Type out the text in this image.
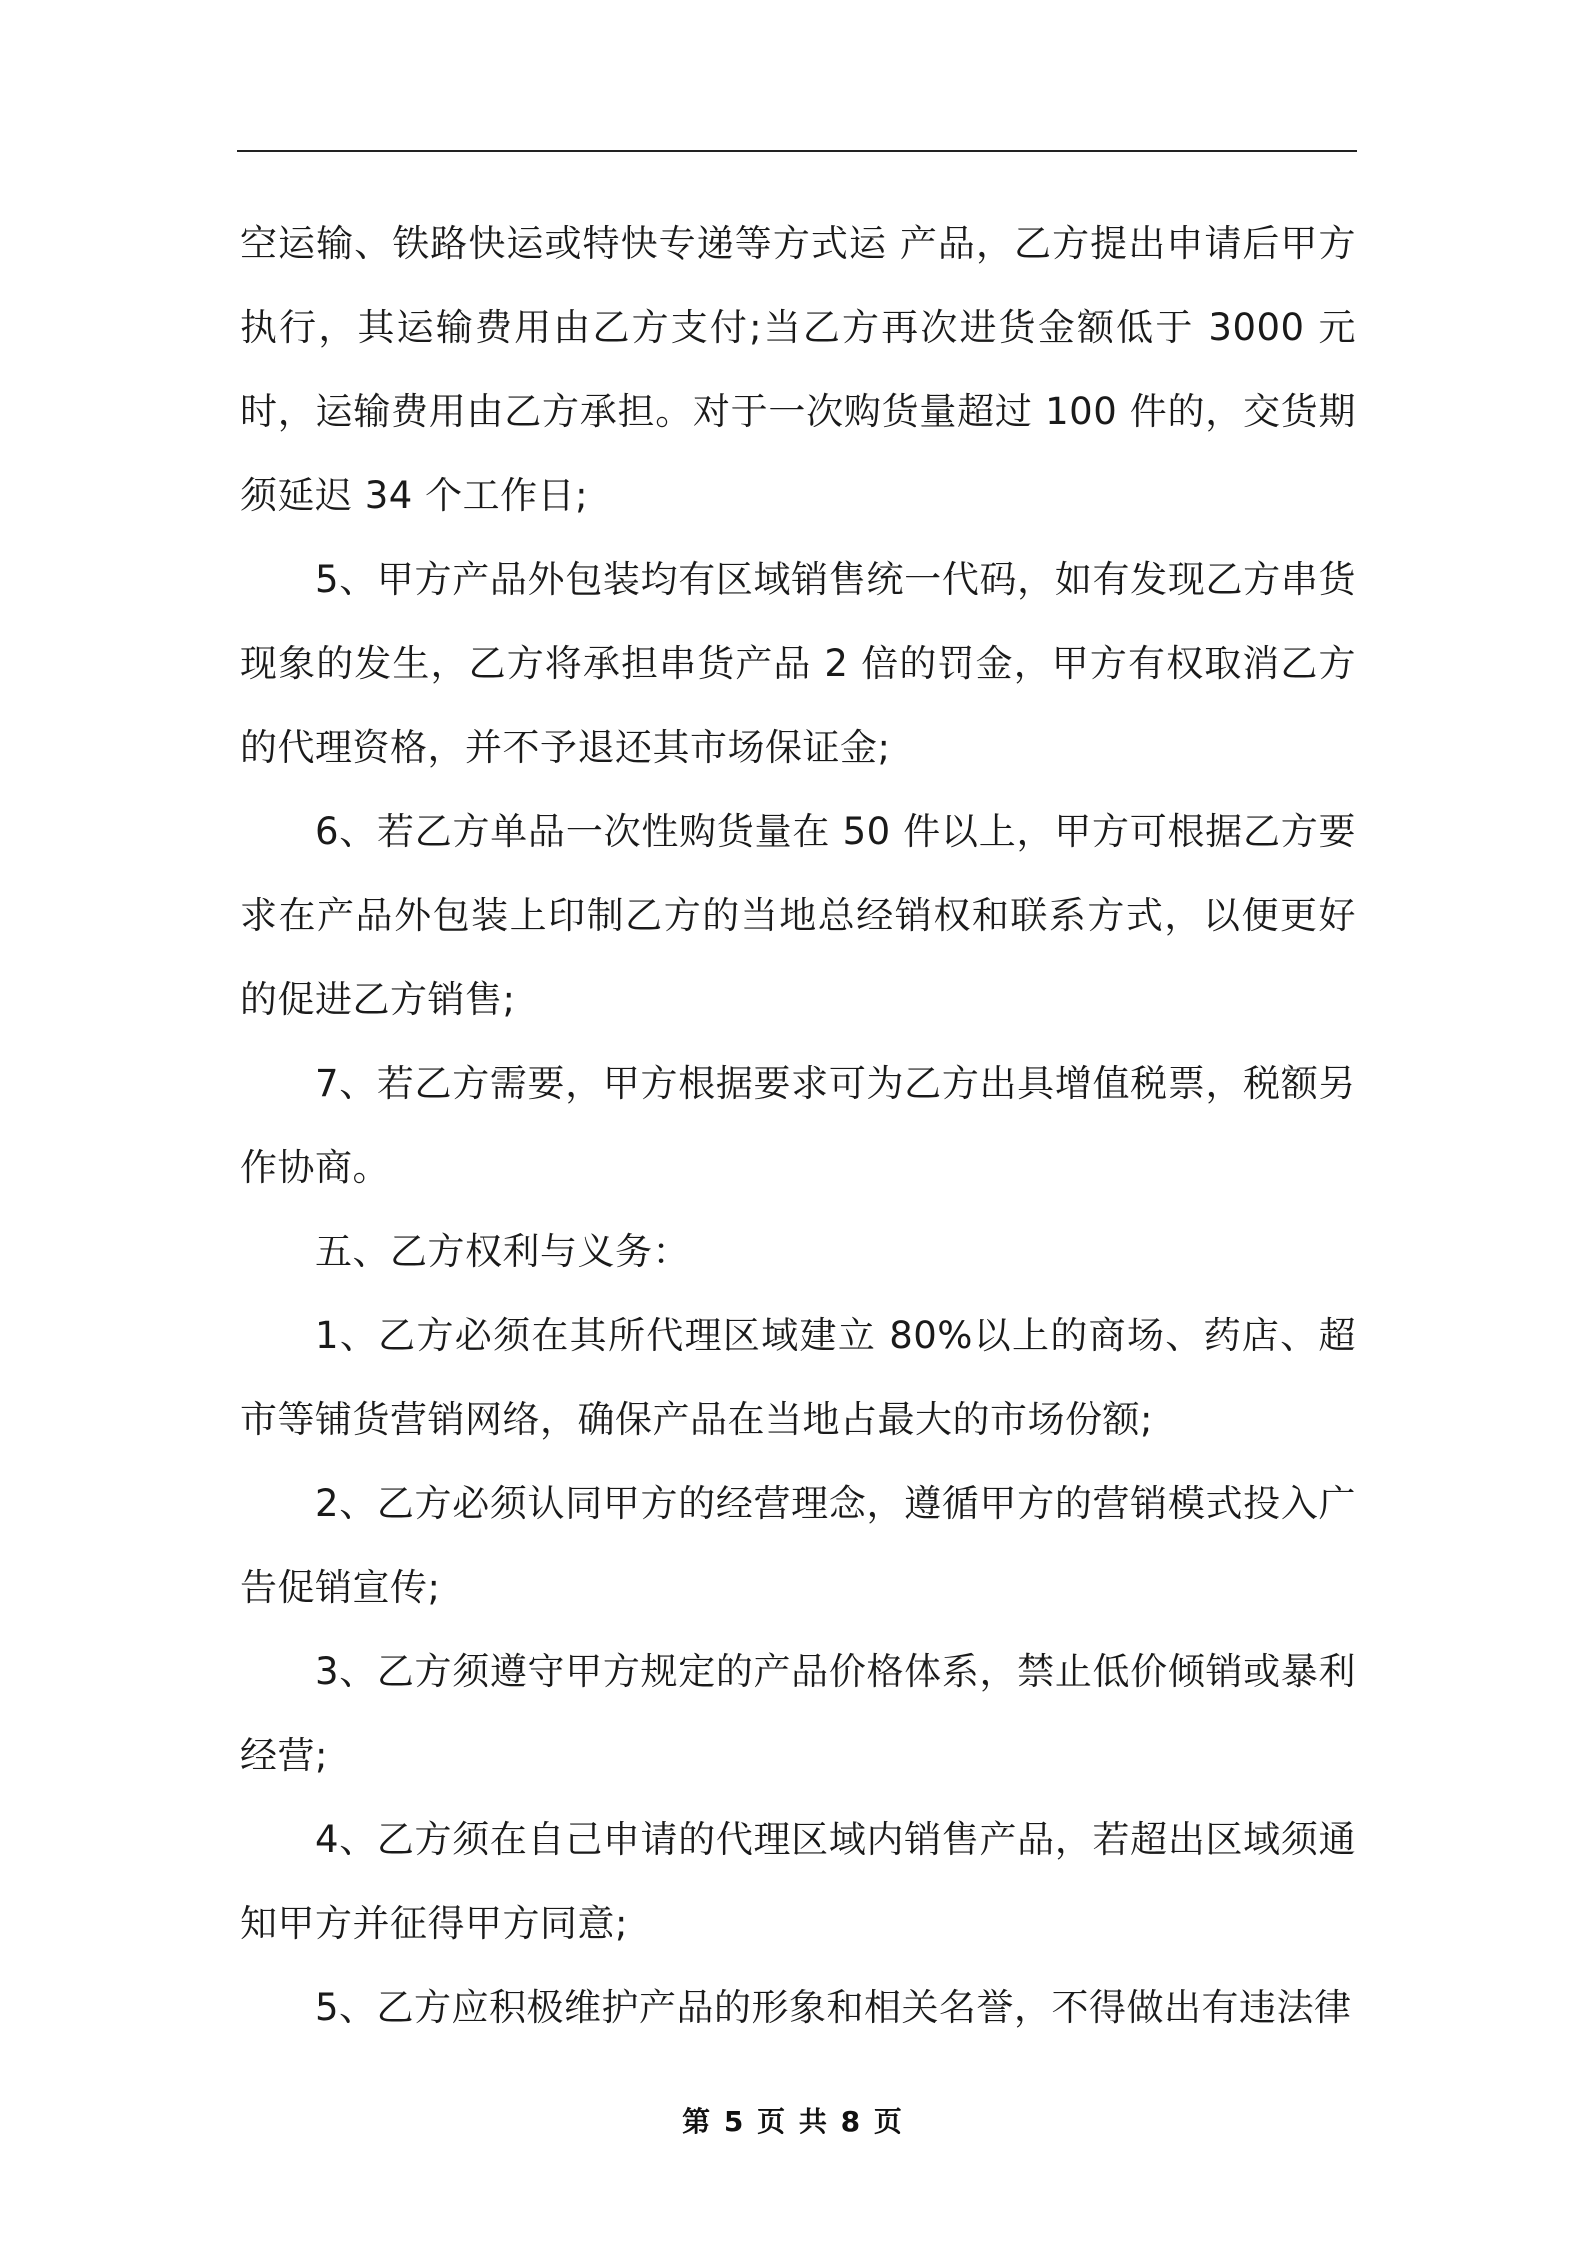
空运输、铁路快运或特快专递等方式运 产品，乙方提出申请后甲方执行，其运输费用由乙方支付;当乙方再次进货金额低于 3000 元时，运输费用由乙方承担。对于一次购货量超过 100 件的，交货期须延迟 34 个工作日;

5、甲方产品外包装均有区域销售统一代码，如有发现乙方串货现象的发生，乙方将承担串货产品 2 倍的罚金，甲方有权取消乙方的代理资格，并不予退还其市场保证金;

6、若乙方单品一次性购货量在 50 件以上，甲方可根据乙方要求在产品外包装上印制乙方的当地总经销权和联系方式，以便更好的促进乙方销售;

7、若乙方需要，甲方根据要求可为乙方出具增值税票，税额另作协商。

五、乙方权利与义务：

1、乙方必须在其所代理区域建立 80%以上的商场、药店、超市等铺货营销网络，确保产品在当地占最大的市场份额;

2、乙方必须认同甲方的经营理念，遵循甲方的营销模式投入广告促销宣传;

3、乙方须遵守甲方规定的产品价格体系，禁止低价倾销或暴利经营;

4、乙方须在自己申请的代理区域内销售产品，若超出区域须通知甲方并征得甲方同意;

5、乙方应积极维护产品的形象和相关名誉，不得做出有违法律

第 5 页 共 8 页
